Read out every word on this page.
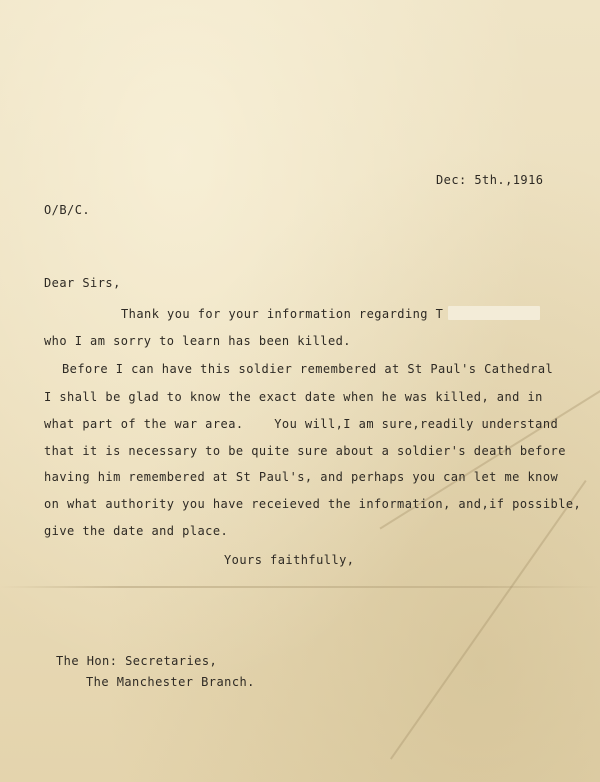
Dec: 5th.,1916
O/B/C.
Dear Sirs,
Thank you for your information regarding T
who I am sorry to learn has been killed.
Before I can have this soldier remembered at St Paul's Cathedral
I shall be glad to know the exact date when he was killed, and in
what part of the war area.    You will,I am sure,readily understand
that it is necessary to be quite sure about a soldier's death before
having him remembered at St Paul's, and perhaps you can let me know
on what authority you have receieved the information, and,if possible,
give the date and place.
Yours faithfully,
The Hon: Secretaries,
The Manchester Branch.
